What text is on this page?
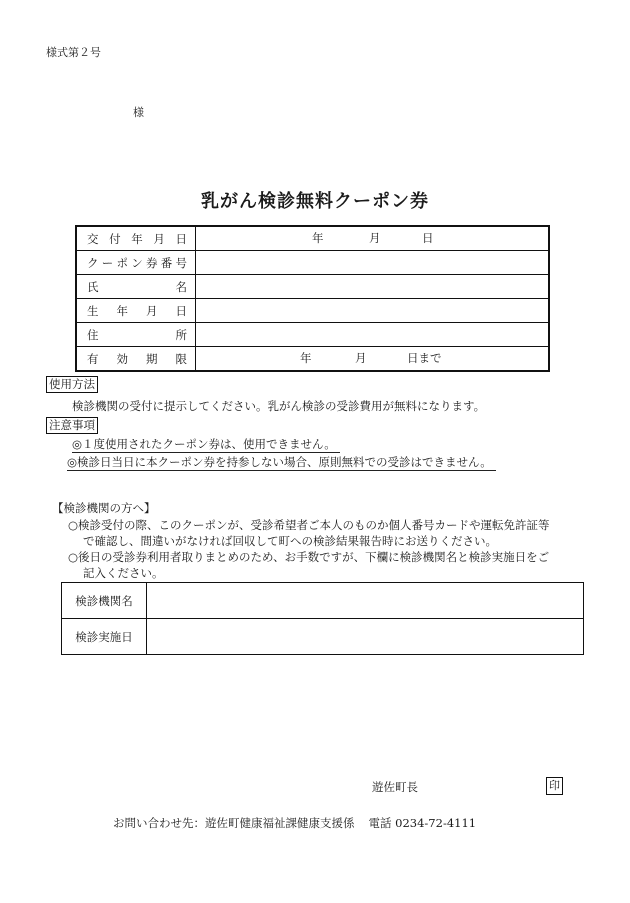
様式第２号
様
乳がん検診無料クーポン券
交付年月日	年 月 日

クーポン券番号	

氏名	

生年月日	

住所	

有効期限	年 月 日まで
使用方法
検診機関の受付に提示してください。乳がん検診の受診費用が無料になります。
注意事項
◎１度使用されたクーポン券は、使用できません。
◎検診日当日に本クーポン券を持参しない場合、原則無料での受診はできません。
【検診機関の方へ】
○検診受付の際、このクーポンが、受診希望者ご本人のものか個人番号カードや運転免許証等
で確認し、間違いがなければ回収して町への検診結果報告時にお送りください。
○後日の受診券利用者取りまとめのため、お手数ですが、下欄に検診機関名と検診実施日をご
記入ください。
検診機関名	
検診実施日	
遊佐町長	印
お問い合わせ先：遊佐町健康福祉課健康支援係 電話 0234-72-4111
